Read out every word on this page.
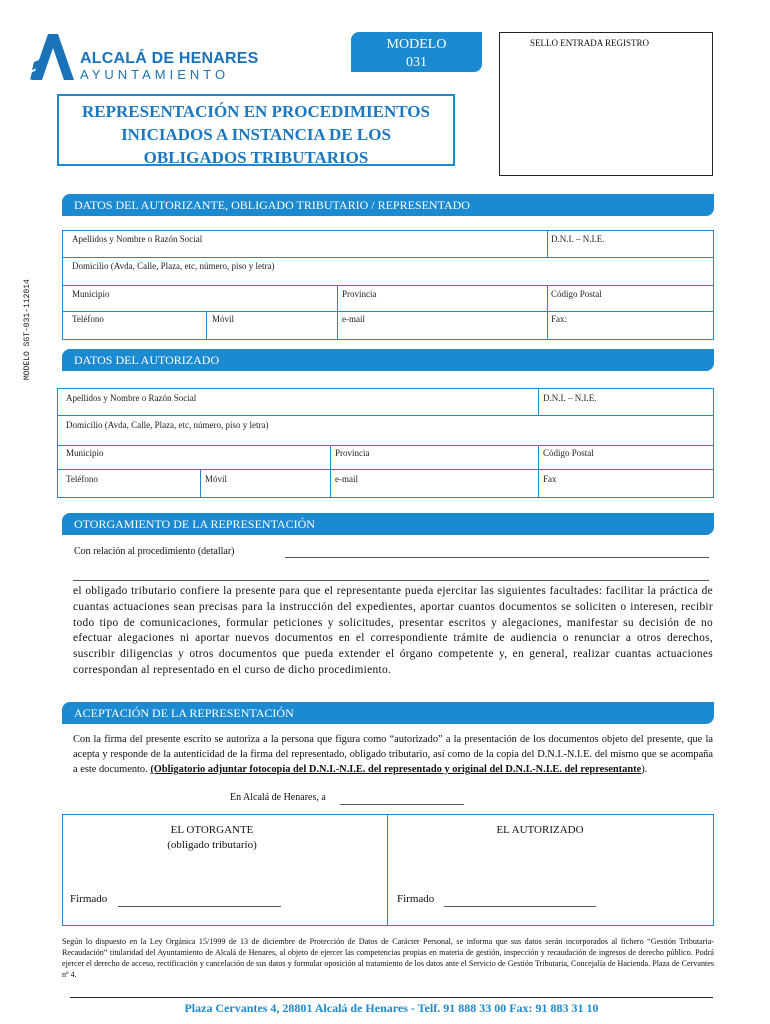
ALCALÁ DE HENARES
AYUNTAMIENTO
MODELO
031
SELLO ENTRADA REGISTRO
REPRESENTACIÓN EN PROCEDIMIENTOS
INICIADOS A INSTANCIA DE LOS
OBLIGADOS TRIBUTARIOS
MODELO SGT-031-112014
DATOS DEL AUTORIZANTE, OBLIGADO TRIBUTARIO / REPRESENTADO
Apellidos y Nombre o Razón Social	D.N.I. – N.I.E.
Domicilio (Avda, Calle, Plaza, etc, número, piso y letra)
Municipio	Provincia	Código Postal
Teléfono	Móvil	e-mail	Fax:
DATOS DEL AUTORIZADO
Apellidos y Nombre o Razón Social	D.N.I. – N.I.E.
Domicilio (Avda, Calle, Plaza, etc, número, piso y letra)
Municipio	Provincia	Código Postal
Teléfono	Móvil	e-mail	Fax
OTORGAMIENTO DE LA REPRESENTACIÓN
Con relación al procedimiento (detallar)
el obligado tributario confiere la presente para que el representante pueda ejercitar las siguientes facultades: facilitar la práctica de cuantas actuaciones sean precisas para la instrucción del expedientes, aportar cuantos documentos se soliciten o interesen, recibir todo tipo de comunicaciones, formular peticiones y solicitudes, presentar escritos y alegaciones, manifestar su decisión de no efectuar alegaciones ni aportar nuevos documentos en el correspondiente trámite de audiencia o renunciar a otros derechos, suscribir diligencias y otros documentos que pueda extender el órgano competente y, en general, realizar cuantas actuaciones correspondan al representado en el curso de dicho procedimiento.
ACEPTACIÓN DE LA REPRESENTACIÓN
Con la firma del presente escrito se autoriza a la persona que figura como “autorizado” a la presentación de los documentos objeto del presente, que la acepta y responde de la autenticidad de la firma del representado, obligado tributario, así como de la copia del D.N.I.-N.I.E. del mismo que se acompaña a este documento. (Obligatorio adjuntar fotocopia del D.N.I.-N.I.E. del representado y original del D.N.I.-N.I.E. del representante).
En Alcalá de Henares, a
EL OTORGANTE
(obligado tributario)
EL AUTORIZADO
Firmado	Firmado
Según lo dispuesto en la Ley Orgánica 15/1999 de 13 de diciembre de Protección de Datos de Carácter Personal, se informa que sus datos serán incorporados al fichero “Gestión Tributaria-Recaudación” titularidad del Ayuntamiento de Alcalá de Henares, al objeto de ejercer las competencias propias en materia de gestión, inspección y recaudación de ingresos de derecho público. Podrá ejercer el derecho de acceso, rectificación y cancelación de sus datos y formular oposición al tratamiento de los datos ante el Servicio de Gestión Tributaria, Concejalía de Hacienda. Plaza de Cervantes nº 4.
Plaza Cervantes 4, 28801 Alcalá de Henares - Telf. 91 888 33 00 Fax: 91 883 31 10
